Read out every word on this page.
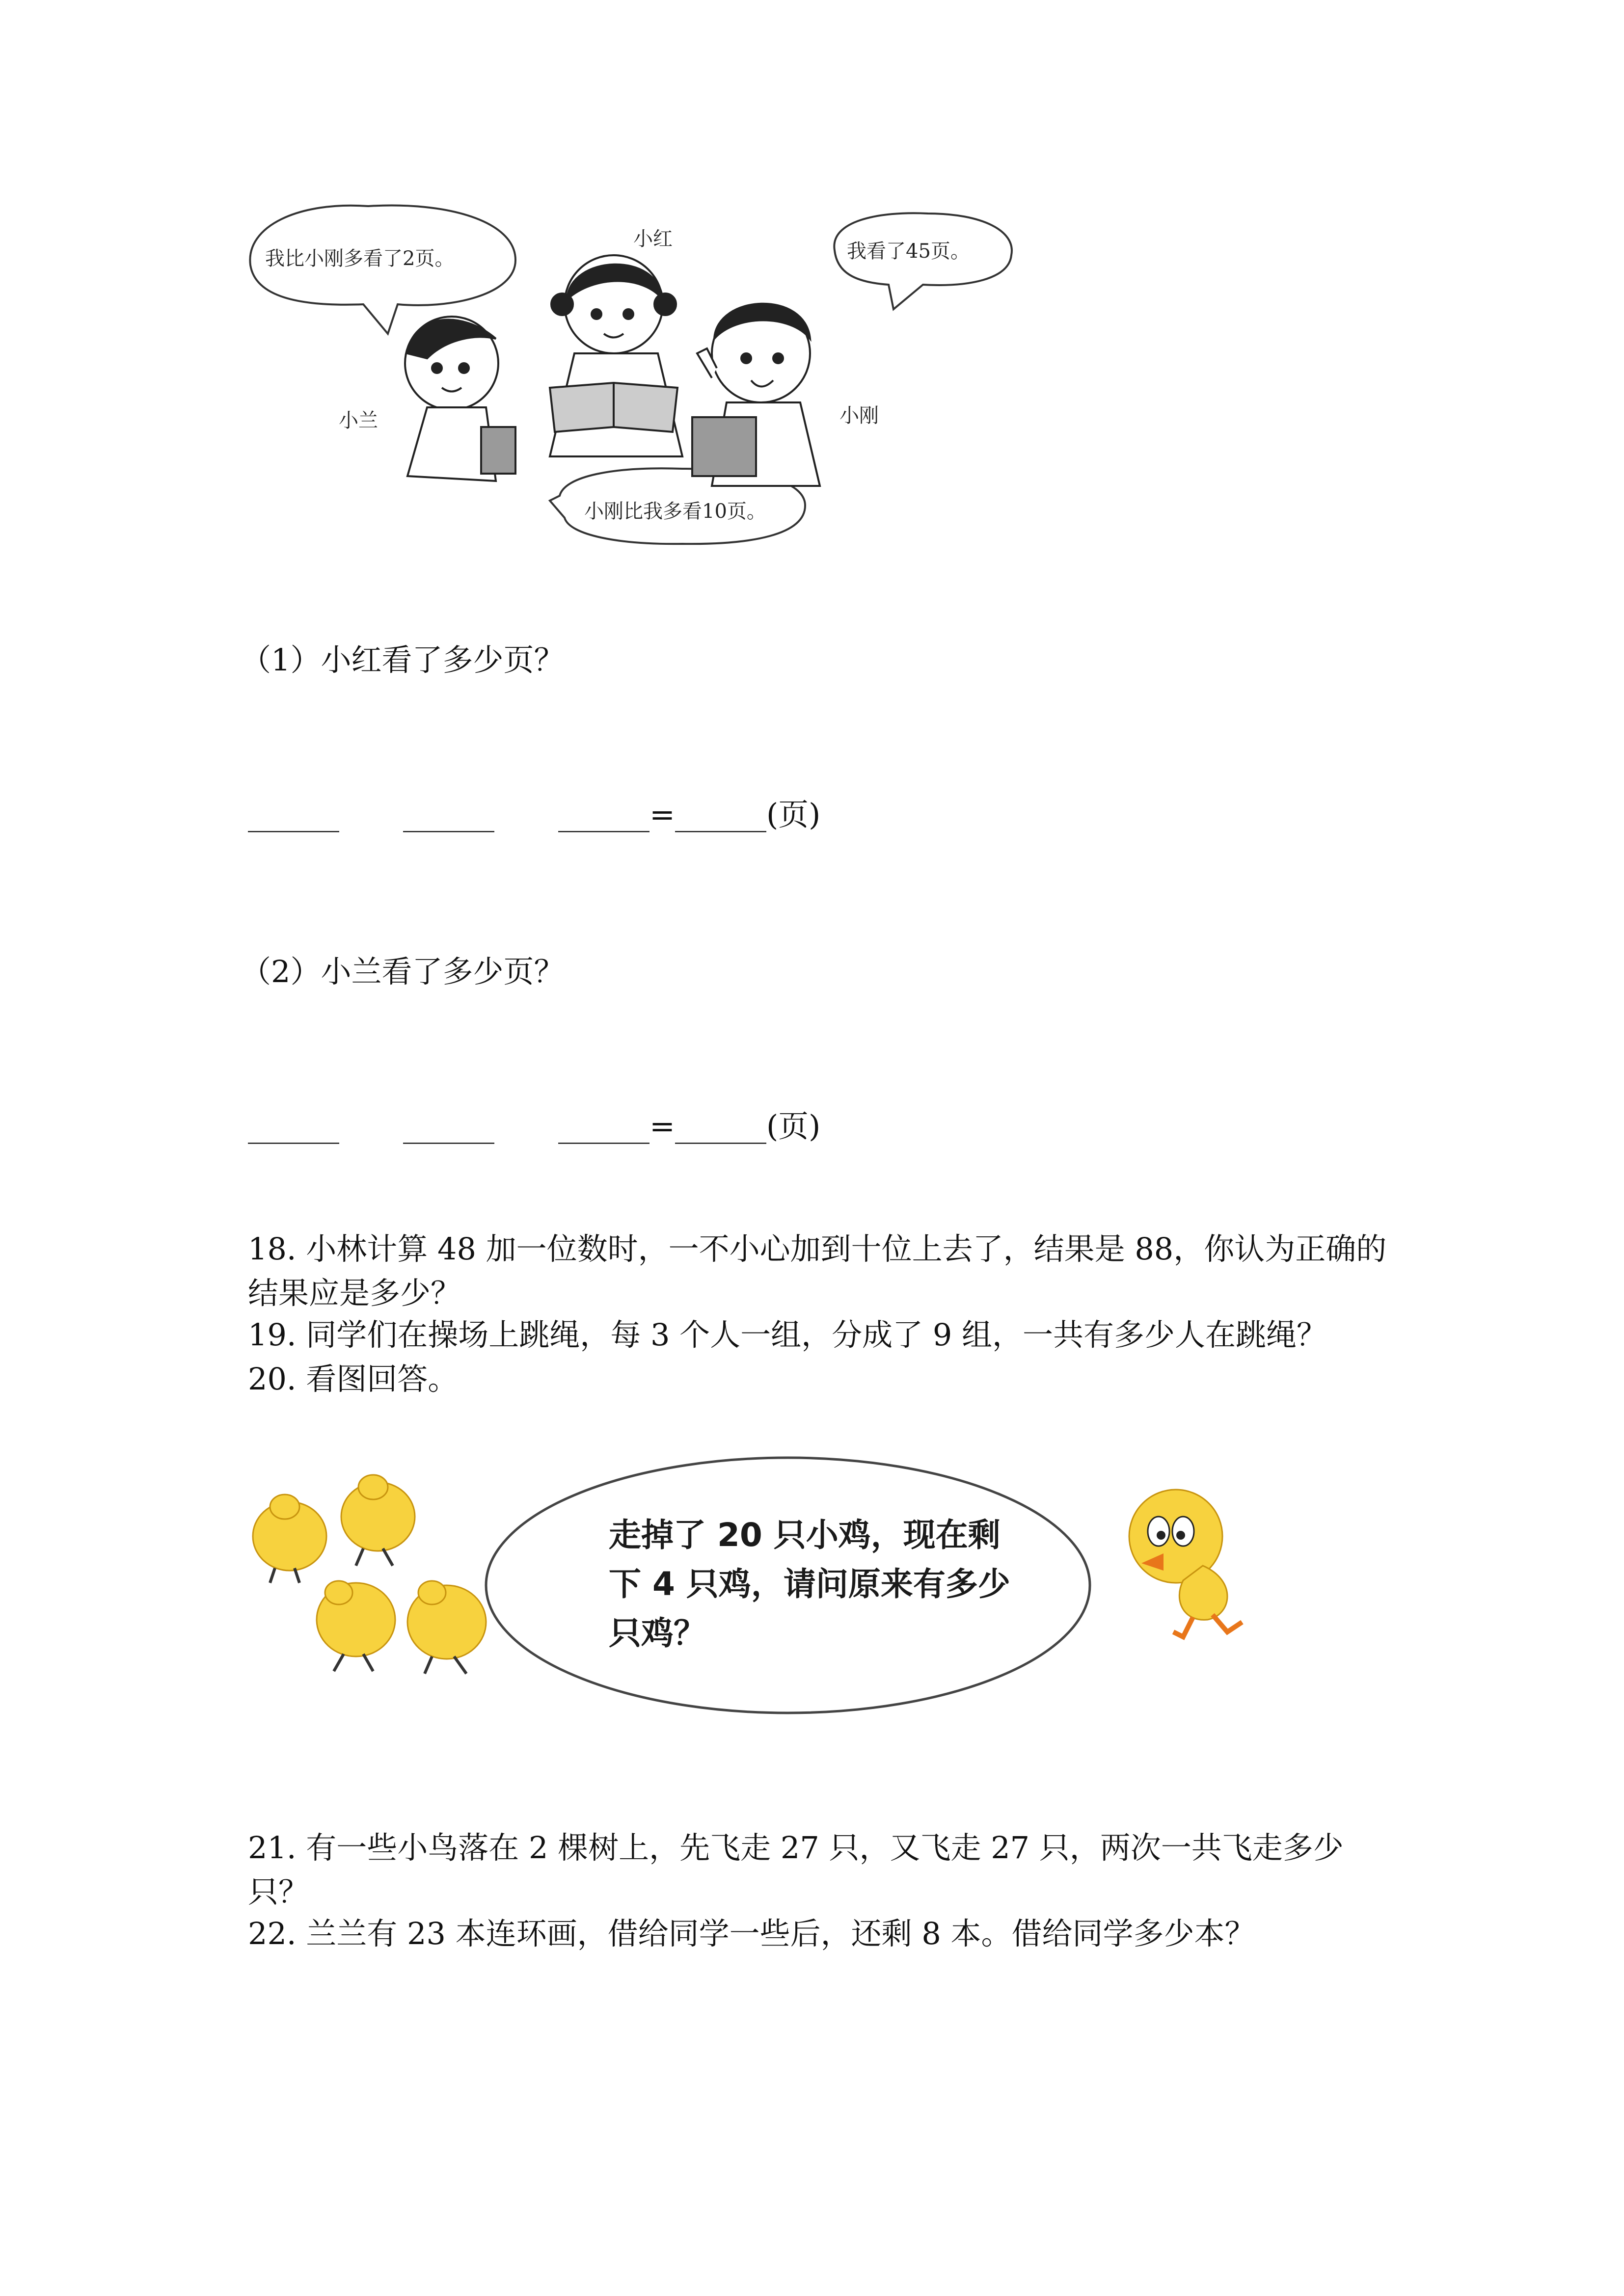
我比小刚多看了2页。	我看了45页。
小刚比我多看10页。
小红
小兰	小刚
（1）小红看了多少页？
______ ______ ______=______(页)
（2）小兰看了多少页？
______ ______ ______=______(页)
18. 小林计算 48 加一位数时，一不小心加到十位上去了，结果是 88，你认为正确的结果应是多少？
19. 同学们在操场上跳绳，每 3 个人一组，分成了 9 组，一共有多少人在跳绳？
20. 看图回答。
走掉了 20 只小鸡，现在剩
下 4 只鸡，请问原来有多少
只鸡？
21. 有一些小鸟落在 2 棵树上，先飞走 27 只，又飞走 27 只，两次一共飞走多少只？
22. 兰兰有 23 本连环画，借给同学一些后，还剩 8 本。借给同学多少本？
